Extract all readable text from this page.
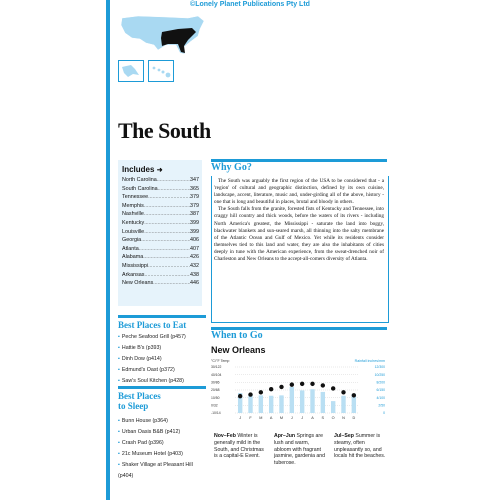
©Lonely Planet Publications Pty Ltd
The South
Includes ➜
North Carolina .....	347
South Carolina .....	365
Tennessee .....	379
Memphis .....	379
Nashville .....	387
Kentucky .....	399
Louisville .....	399
Georgia .....	406
Atlanta .....	407
Alabama .....	426
Mississippi .....	432
Arkansas .....	438
New Orleans .....	446
Best Places to Eat
▪ Peche Seafood Grill (p457)
▪ Hattie B's (p393)
▪ Dinh Dow (p414)
▪ Edmund's Oast (p372)
▪ Saw's Soul Kitchen (p428)
Best Places
to Sleep
▪ Bunn House (p364)
▪ Urban Oasis B&B (p412)
▪ Crash Pad (p396)
▪ 21c Museum Hotel (p403)
▪ Shaker Village at Pleasant Hill (p404)
Why Go?

The South was arguably the first region of the USA to be considered that - a 'region' of cultural and geographic distinction, defined by its own cuisine, landscape, accent, literature, music and, under-girding all of the above, history - one that is long and beautiful in places, brutal and bloody in others.

The South falls from the granite, forested fists of Kentucky and Tennessee, into craggy hill country and thick woods, before the waters of its rivers - including North America's greatest, the Mississippi - saturate the land into boggy, blackwater blankets and sun-seared marsh, all thinning into the salty membrane of the Atlantic Ocean and Gulf of Mexico. Yet while its residents consider themselves tied to this land and water, they are also the inhabitants of cities deeply in tune with the American experience, from the sweat-drenched noir of Charleston and New Orleans to the accept-all-comers diversity of Atlanta.

When to Go
New Orleans
°C/°F Temp	Rainfall inches/mm
30/122	12/300
40/104	10/250
30/86	8/200
20/68	6/150
10/50	4/100
0/32	2/50
-10/14	0
J F M A M J J A S O N D
Nov–Feb Winter is generally mild in the South, and Christmas is a capital-E Event.
Apr–Jun Springs are lush and warm, abloom with fragrant jasmine, gardenia and tuberose.
Jul–Sep Summer is steamy, often unpleasantly so, and locals hit the beaches.
